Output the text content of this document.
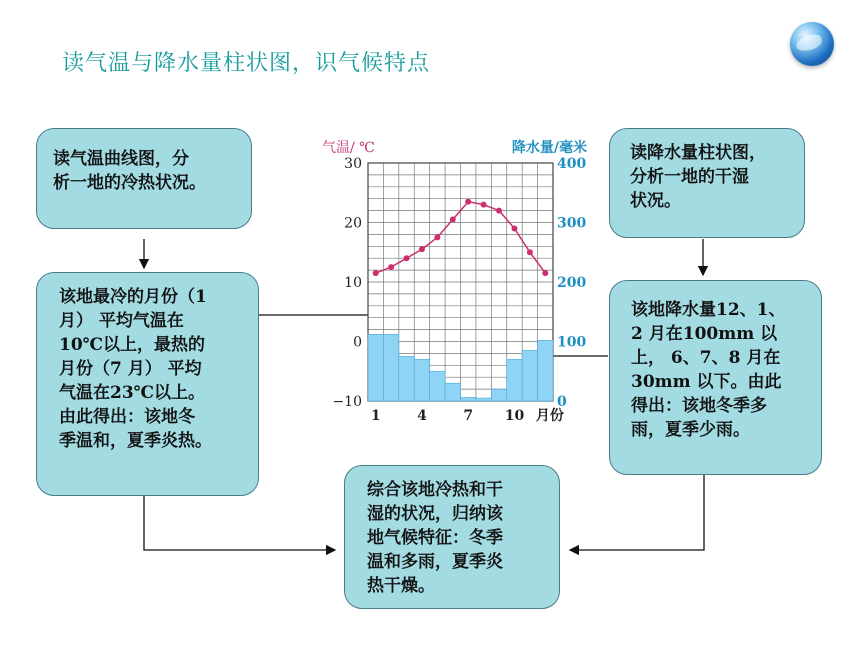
读气温与降水量柱状图，识气候特点
读气温曲线图，分
析一地的冷热状况。
该地最冷的月份（1
月） 平均气温在
10℃以上，最热的
月份（7 月） 平均
气温在23℃以上。
由此得出：该地冬
季温和，夏季炎热。
读降水量柱状图，
分析一地的干湿
状况。
该地降水量12、1、
2 月在100mm 以
上， 6、7、8 月在
30mm 以下。由此
得出：该地冬季多
雨，夏季少雨。
综合该地冷热和干
湿的状况，归纳该
地气候特征：冬季
温和多雨，夏季炎
热干燥。
30
20
10
0
−10
400
300
200
100
0
1	4	7 10 月份
气温/ ℃	降水量/毫米
